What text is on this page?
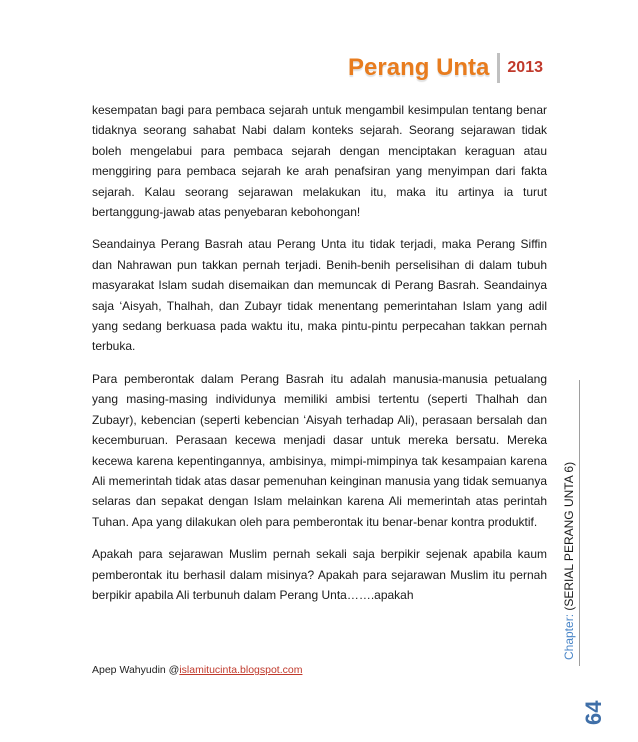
Perang Unta	2013

kesempatan bagi para pembaca sejarah untuk mengambil kesimpulan tentang benar tidaknya seorang sahabat Nabi dalam konteks sejarah. Seorang sejarawan tidak boleh mengelabui para pembaca sejarah dengan menciptakan keraguan atau menggiring para pembaca sejarah ke arah penafsiran yang menyimpan dari fakta sejarah. Kalau seorang sejarawan melakukan itu, maka itu artinya ia turut bertanggung-jawab atas penyebaran kebohongan!

Seandainya Perang Basrah atau Perang Unta itu tidak terjadi, maka Perang Siffin dan Nahrawan pun takkan pernah terjadi. Benih-benih perselisihan di dalam tubuh masyarakat Islam sudah disemaikan dan memuncak di Perang Basrah. Seandainya saja ‘Aisyah, Thalhah, dan Zubayr tidak menentang pemerintahan Islam yang adil yang sedang berkuasa pada waktu itu, maka pintu-pintu perpecahan takkan pernah terbuka.

Para pemberontak dalam Perang Basrah itu adalah manusia-manusia petualang yang masing-masing individunya memiliki ambisi tertentu (seperti Thalhah dan Zubayr), kebencian (seperti kebencian ‘Aisyah terhadap Ali), perasaan bersalah dan kecemburuan. Perasaan kecewa menjadi dasar untuk mereka bersatu. Mereka kecewa karena kepentingannya, ambisinya, mimpi-mimpinya tak kesampaian karena Ali memerintah tidak atas dasar pemenuhan keinginan manusia yang tidak semuanya selaras dan sepakat dengan Islam melainkan karena Ali memerintah atas perintah Tuhan. Apa yang dilakukan oleh para pemberontak itu benar-benar kontra produktif.

Apakah para sejarawan Muslim pernah sekali saja berpikir sejenak apabila kaum pemberontak itu berhasil dalam misinya? Apakah para sejarawan Muslim itu pernah berpikir apabila Ali terbunuh dalam Perang Unta…….apakah

Apep Wahyudin @islamitucinta.blogspot.com
Chapter: (SERIAL PERANG UNTA 6)
64
